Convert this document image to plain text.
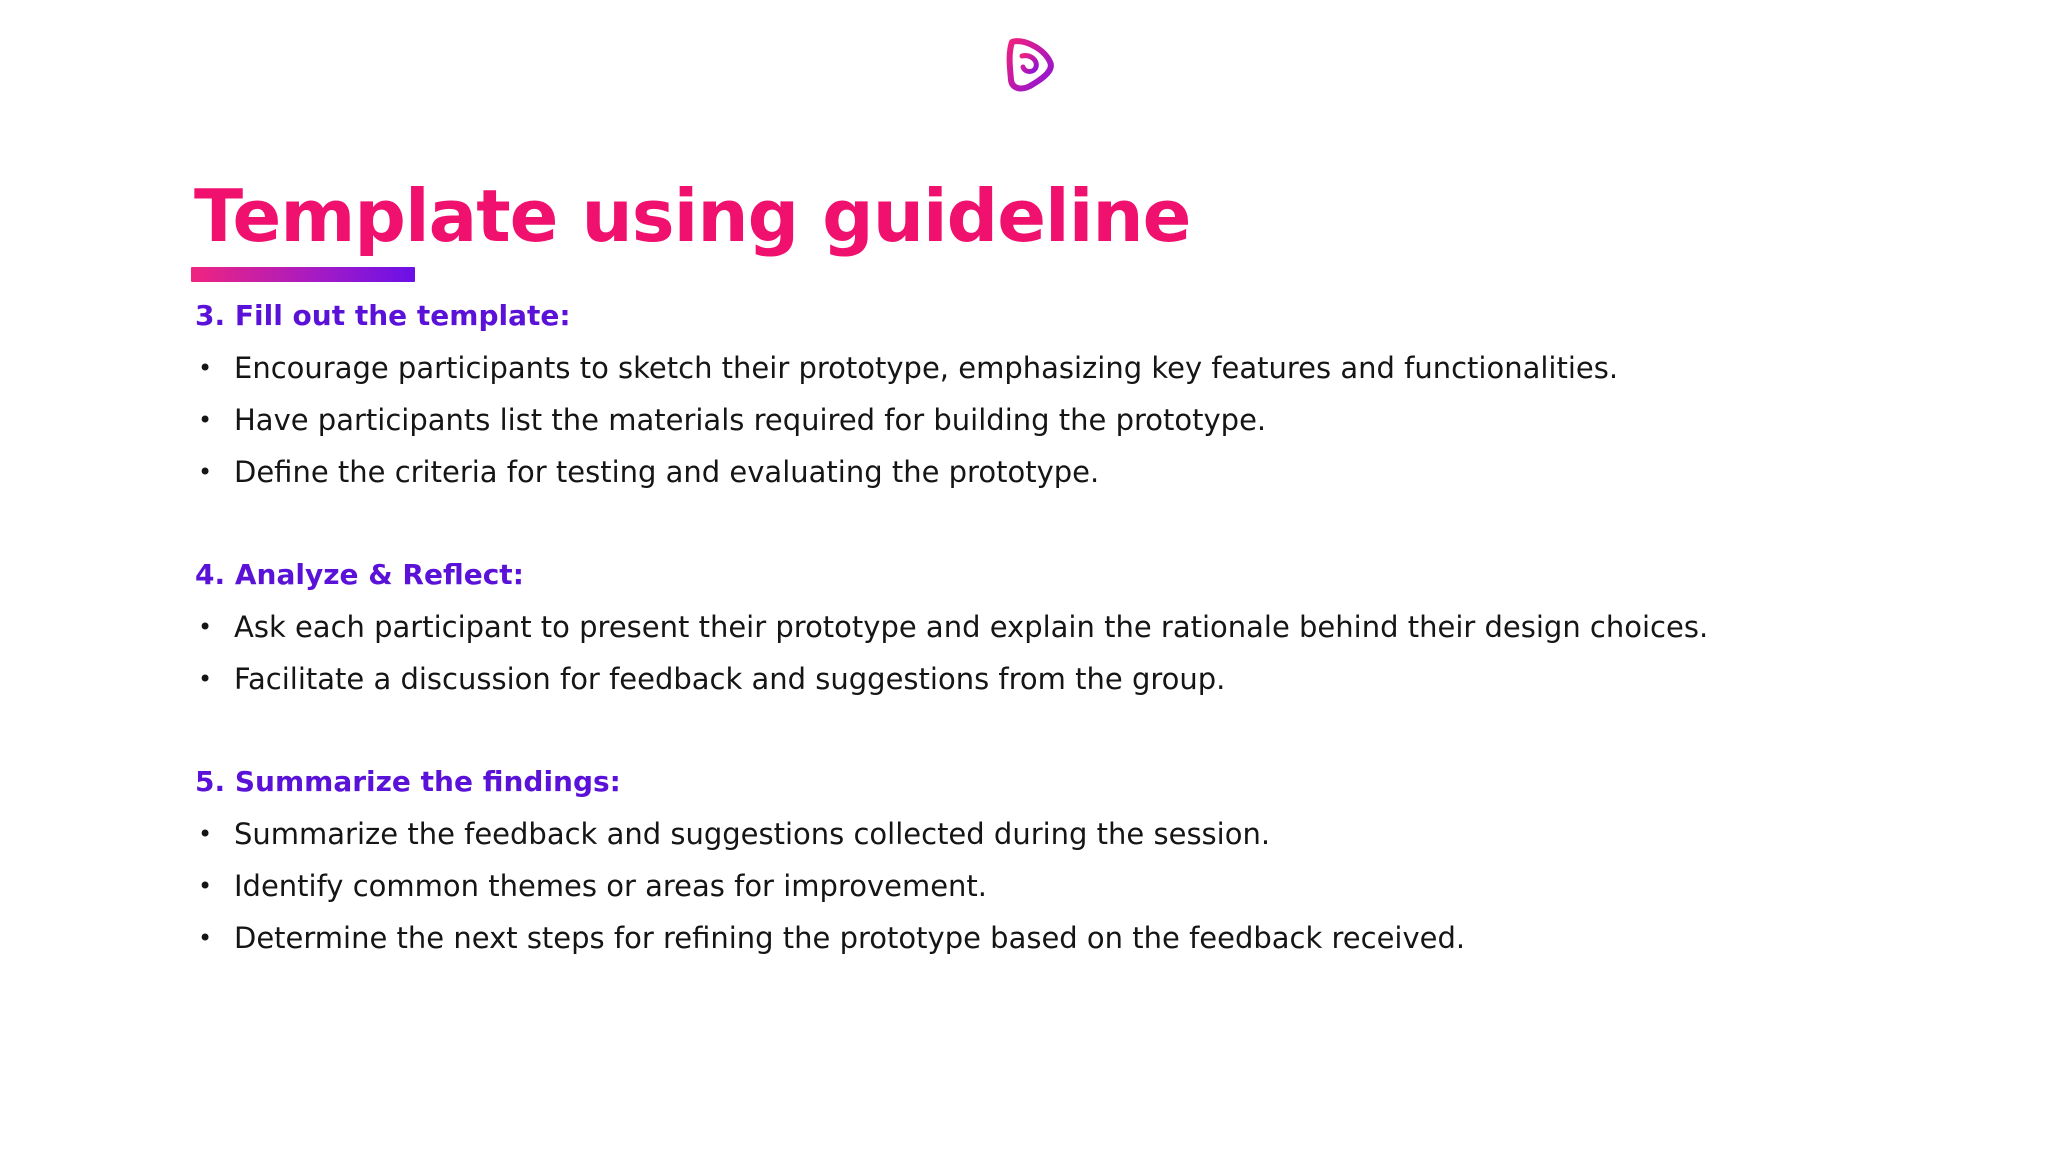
Template using guideline
3. Fill out the template:
• Encourage participants to sketch their prototype, emphasizing key features and functionalities.
• Have participants list the materials required for building the prototype.
• Define the criteria for testing and evaluating the prototype.
4. Analyze & Reflect:
• Ask each participant to present their prototype and explain the rationale behind their design choices.
• Facilitate a discussion for feedback and suggestions from the group.
5. Summarize the findings:
• Summarize the feedback and suggestions collected during the session.
• Identify common themes or areas for improvement.
• Determine the next steps for refining the prototype based on the feedback received.
